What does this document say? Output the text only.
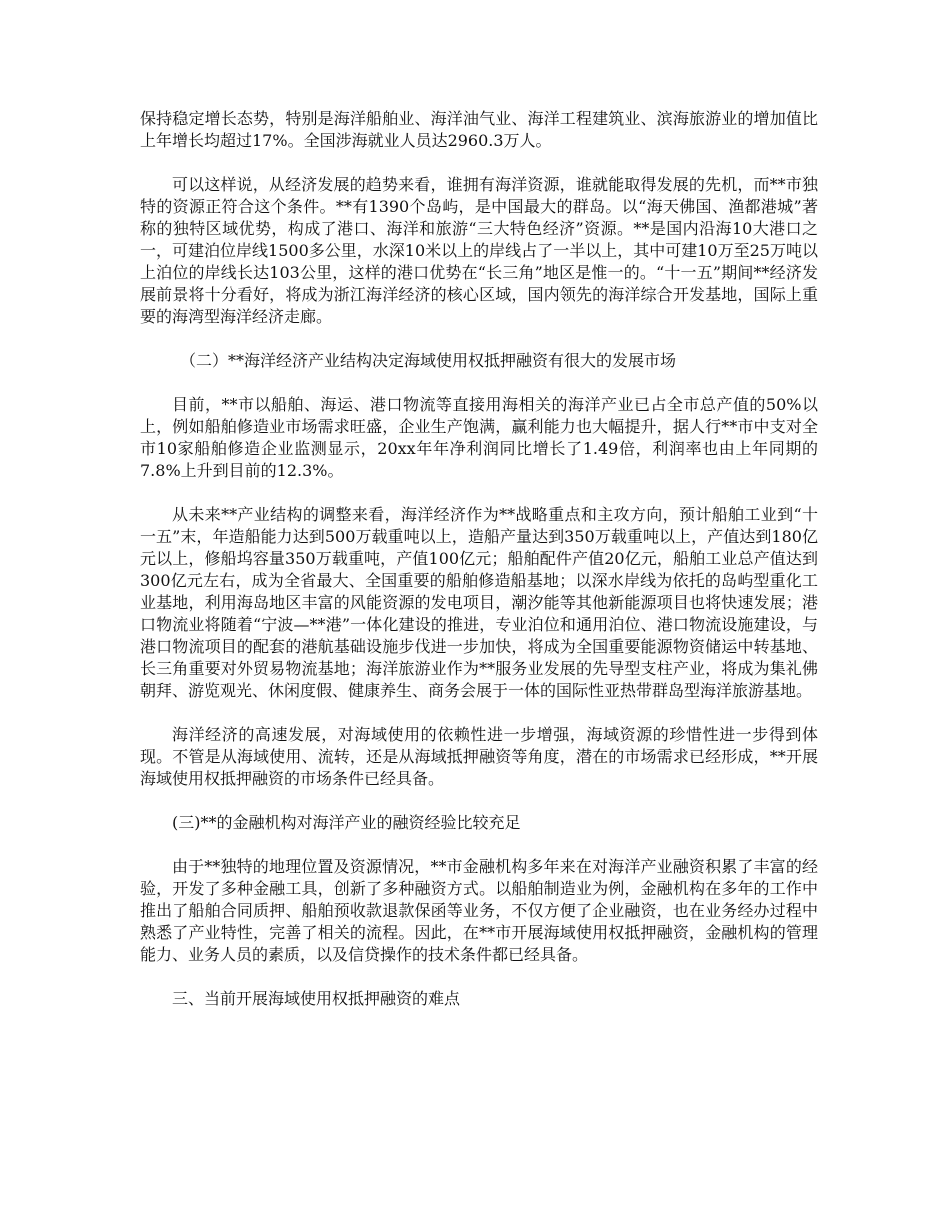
保持稳定增长态势，特别是海洋船舶业、海洋油气业、海洋工程建筑业、滨海旅游业的增加值比上年增长均超过17%。全国涉海就业人员达2960.3万人。

可以这样说，从经济发展的趋势来看，谁拥有海洋资源，谁就能取得发展的先机，而**市独特的资源正符合这个条件。**有1390个岛屿，是中国最大的群岛。以“海天佛国、渔都港城”著称的独特区域优势，构成了港口、海洋和旅游“三大特色经济”资源。**是国内沿海10大港口之一，可建泊位岸线1500多公里，水深10米以上的岸线占了一半以上，其中可建10万至25万吨以上泊位的岸线长达103公里，这样的港口优势在“长三角”地区是惟一的。“十一五”期间**经济发展前景将十分看好，将成为浙江海洋经济的核心区域，国内领先的海洋综合开发基地，国际上重要的海湾型海洋经济走廊。

（二）**海洋经济产业结构决定海域使用权抵押融资有很大的发展市场

目前，**市以船舶、海运、港口物流等直接用海相关的海洋产业已占全市总产值的50%以上，例如船舶修造业市场需求旺盛，企业生产饱满，赢利能力也大幅提升，据人行**市中支对全市10家船舶修造企业监测显示，20xx年年净利润同比增长了1.49倍，利润率也由上年同期的7.8%上升到目前的12.3%。

从未来**产业结构的调整来看，海洋经济作为**战略重点和主攻方向，预计船舶工业到“十一五”末，年造船能力达到500万载重吨以上，造船产量达到350万载重吨以上，产值达到180亿元以上，修船坞容量350万载重吨，产值100亿元；船舶配件产值20亿元，船舶工业总产值达到300亿元左右，成为全省最大、全国重要的船舶修造船基地；以深水岸线为依托的岛屿型重化工业基地，利用海岛地区丰富的风能资源的发电项目，潮汐能等其他新能源项目也将快速发展；港口物流业将随着“宁波—**港”一体化建设的推进，专业泊位和通用泊位、港口物流设施建设，与港口物流项目的配套的港航基础设施步伐进一步加快，将成为全国重要能源物资储运中转基地、长三角重要对外贸易物流基地；海洋旅游业作为**服务业发展的先导型支柱产业，将成为集礼佛朝拜、游览观光、休闲度假、健康养生、商务会展于一体的国际性亚热带群岛型海洋旅游基地。

海洋经济的高速发展，对海域使用的依赖性进一步增强，海域资源的珍惜性进一步得到体现。不管是从海域使用、流转，还是从海域抵押融资等角度，潜在的市场需求已经形成，**开展海域使用权抵押融资的市场条件已经具备。

(三)**的金融机构对海洋产业的融资经验比较充足

由于**独特的地理位置及资源情况，**市金融机构多年来在对海洋产业融资积累了丰富的经验，开发了多种金融工具，创新了多种融资方式。以船舶制造业为例，金融机构在多年的工作中推出了船舶合同质押、船舶预收款退款保函等业务，不仅方便了企业融资，也在业务经办过程中熟悉了产业特性，完善了相关的流程。因此，在**市开展海域使用权抵押融资，金融机构的管理能力、业务人员的素质，以及信贷操作的技术条件都已经具备。

三、当前开展海域使用权抵押融资的难点
